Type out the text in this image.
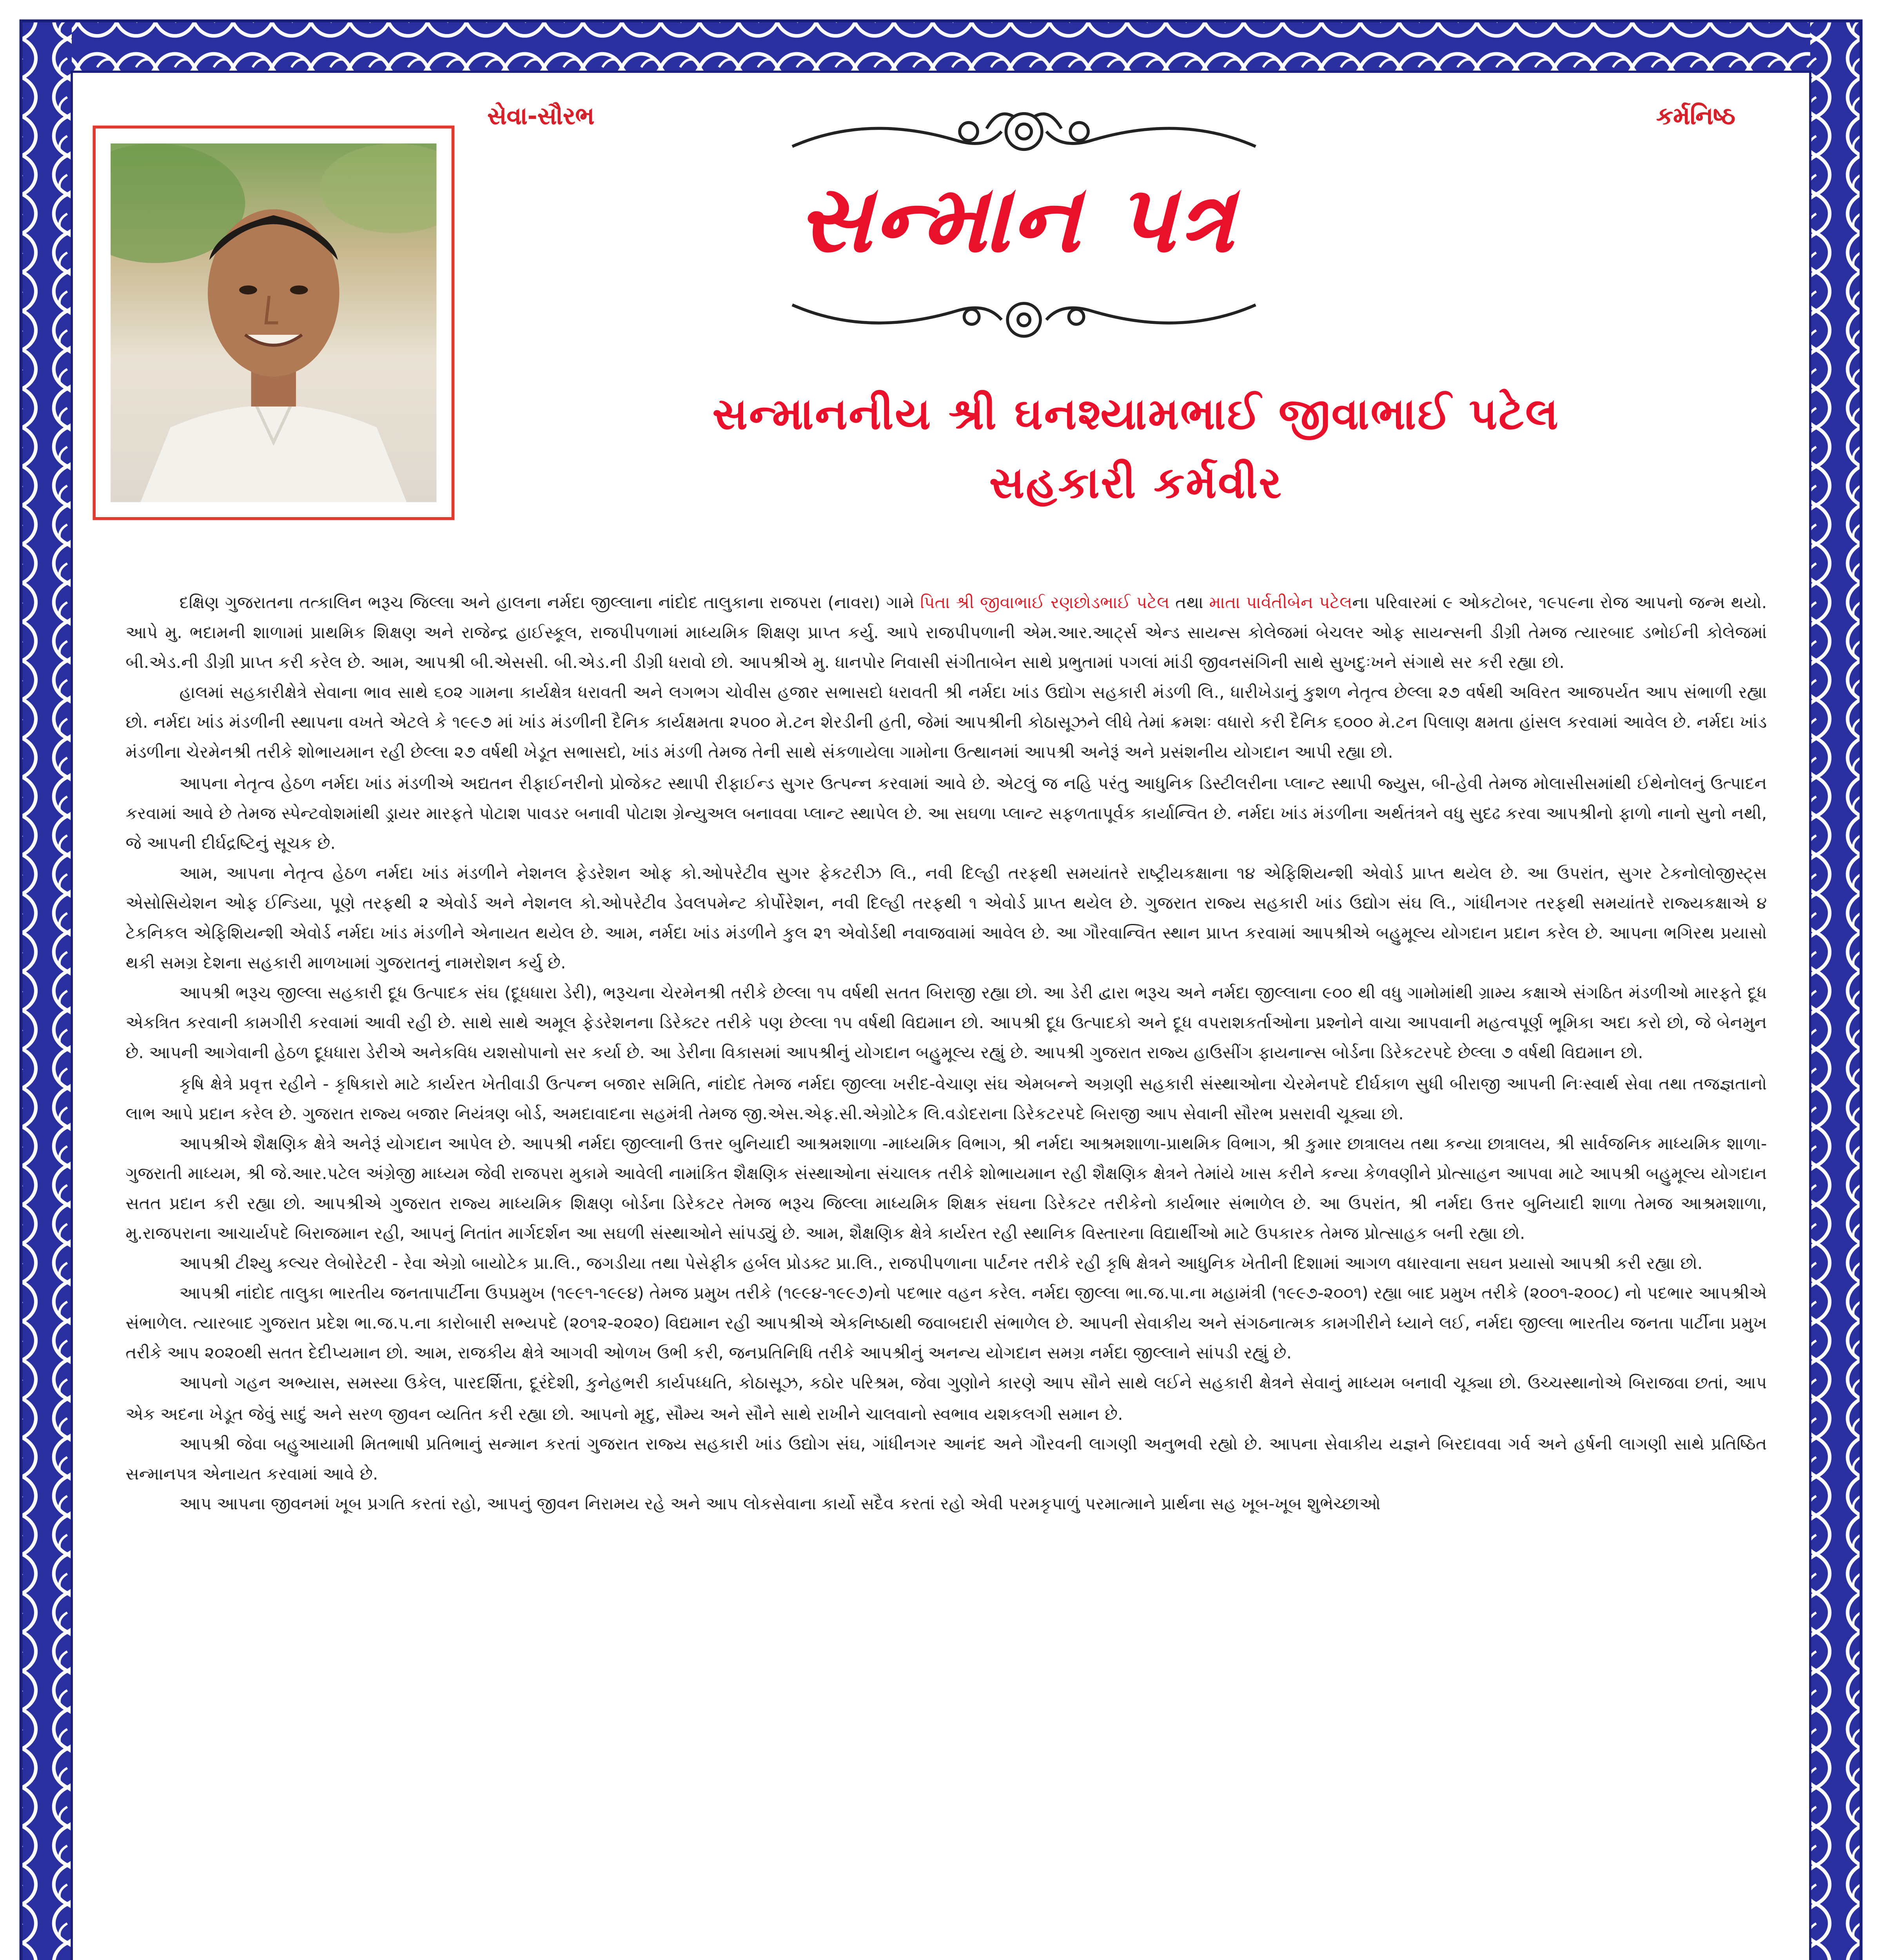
સેવા-સૌરભ	કર્મનિષ્ઠ
સન્માન પત્ર
સન્માનનીય શ્રી ઘનશ્યામભાઈ જીવાભાઈ પટેલ
સહકારી કર્મવીર

દક્ષિણ ગુજરાતના તત્કાલિન ભરૂચ જિલ્લા અને હાલના નર્મદા જીલ્લાના નાંદોદ તાલુકાના રાજપરા (નાવરા) ગામે પિતા શ્રી જીવાભાઈ રણછોડભાઈ પટેલ તથા માતા પાર્વતીબેન પટેલના પરિવારમાં ૯ ઓકટોબર, ૧૯૫૯ના રોજ આપનો જન્મ થયો. આપે મુ. ભદામની શાળામાં પ્રાથમિક શિક્ષણ અને રાજેન્દ્ર હાઈસ્કૂલ, રાજપીપળામાં માધ્યમિક શિક્ષણ પ્રાપ્ત કર્યુ. આપે રાજપીપળાની એમ.આર.આર્ટ્સ એન્ડ સાયન્સ કોલેજમાં બેચલર ઓફ સાયન્સની ડીગ્રી તેમજ ત્યારબાદ ડભોઈની કોલેજમાં બી.એડ.ની ડીગ્રી પ્રાપ્ત કરી કરેલ છે. આમ, આપશ્રી બી.એસસી. બી.એડ.ની ડીગ્રી ધરાવો છો. આપશ્રીએ મુ. ધાનપોર નિવાસી સંગીતાબેન સાથે પ્રભુતામાં પગલાં માંડી જીવનસંગિની સાથે સુખદુઃખને સંગાથે સર કરી રહ્યા છો.

હાલમાં સહકારીક્ષેત્રે સેવાના ભાવ સાથે ૬૦૨ ગામના કાર્યક્ષેત્ર ધરાવતી અને લગભગ ચોવીસ હજાર સભાસદો ધરાવતી શ્રી નર્મદા ખાંડ ઉદ્યોગ સહકારી મંડળી લિ., ધારીખેડાનું કુશળ નેતૃત્વ છેલ્લા ૨૭ વર્ષથી અવિરત આજપર્યત આપ સંભાળી રહ્યા છો. નર્મદા ખાંડ મંડળીની સ્થાપના વખતે એટલે કે ૧૯૯૭ માં ખાંડ મંડળીની દૈનિક કાર્યક્ષમતા ૨૫૦૦ મે.ટન શેરડીની હતી, જેમાં આપશ્રીની કોઠાસૂઝને લીધે તેમાં ક્રમશઃ વધારો કરી દૈનિક ૬૦૦૦ મે.ટન પિલાણ ક્ષમતા હાંસલ કરવામાં આવેલ છે. નર્મદા ખાંડ મંડળીના ચેરમેનશ્રી તરીકે શોભાયમાન રહી છેલ્લા ૨૭ વર્ષથી ખેડૂત સભાસદો, ખાંડ મંડળી તેમજ તેની સાથે સંકળાયેલા ગામોના ઉત્થાનમાં આપશ્રી અનેરૂં અને પ્રસંશનીય યોગદાન આપી રહ્યા છો.

આપના નેતૃત્વ હેઠળ નર્મદા ખાંડ મંડળીએ અદ્યતન રીફાઈનરીનો પ્રોજેકટ સ્થાપી રીફાઈન્ડ સુગર ઉત્પન્ન કરવામાં આવે છે. એટલું જ નહિ પરંતુ આધુનિક ડિસ્ટીલરીના પ્લાન્ટ સ્થાપી જ્યુસ, બી-હેવી તેમજ મોલાસીસમાંથી ઈથેનોલનું ઉત્પાદન કરવામાં આવે છે તેમજ સ્પેન્ટવોશમાંથી ડ્રાયર મારફતે પોટાશ પાવડર બનાવી પોટાશ ગ્રેન્યુઅલ બનાવવા પ્લાન્ટ સ્થાપેલ છે. આ સઘળા પ્લાન્ટ સફળતાપૂર્વક કાર્યાન્વિત છે. નર્મદા ખાંડ મંડળીના અર્થતંત્રને વધુ સુદઢ કરવા આપશ્રીનો ફાળો નાનો સુનો નથી, જે આપની દીર્ઘદ્રષ્ટિનું સૂચક છે.

આમ, આપના નેતૃત્વ હેઠળ નર્મદા ખાંડ મંડળીને નેશનલ ફેડરેશન ઓફ કો.ઓપરેટીવ સુગર ફેકટરીઝ લિ., નવી દિલ્હી તરફથી સમયાંતરે રાષ્ટ્રીયકક્ષાના ૧૪ એફિશિયન્શી એવોર્ડ પ્રાપ્ત થયેલ છે. આ ઉપરાંત, સુગર ટેકનોલોજીસ્ટ્સ એસોસિયેશન ઓફ ઈન્ડિયા, પૂણે તરફથી ૨ એવોર્ડ અને નેશનલ કો.ઓપરેટીવ ડેવલપમેન્ટ કોર્પોરેશન, નવી દિલ્હી તરફથી ૧ એવોર્ડ પ્રાપ્ત થયેલ છે. ગુજરાત રાજ્ય સહકારી ખાંડ ઉદ્યોગ સંઘ લિ., ગાંધીનગર તરફથી સમયાંતરે રાજ્યકક્ષાએ ૪ ટેકનિકલ એફિશિયન્શી એવોર્ડ નર્મદા ખાંડ મંડળીને એનાયત થયેલ છે. આમ, નર્મદા ખાંડ મંડળીને કુલ ૨૧ એવોર્ડથી નવાજવામાં આવેલ છે. આ ગૌરવાન્વિત સ્થાન પ્રાપ્ત કરવામાં આપશ્રીએ બહુમૂલ્ય યોગદાન પ્રદાન કરેલ છે. આપના ભગિરથ પ્રયાસો થકી સમગ્ર દેશના સહકારી માળખામાં ગુજરાતનું નામરોશન કર્યુ છે.

આપશ્રી ભરૂચ જીલ્લા સહકારી દૂધ ઉત્પાદક સંઘ (દૂધધારા ડેરી), ભરૂચના ચેરમેનશ્રી તરીકે છેલ્લા ૧૫ વર્ષથી સતત બિરાજી રહ્યા છો. આ ડેરી દ્વારા ભરૂચ અને નર્મદા જીલ્લાના ૯૦૦ થી વધુ ગામોમાંથી ગ્રામ્ય કક્ષાએ સંગઠિત મંડળીઓ મારફતે દૂધ એકત્રિત કરવાની કામગીરી કરવામાં આવી રહી છે. સાથે સાથે અમૂલ ફેડરેશનના ડિરેક્ટર તરીકે પણ છેલ્લા ૧૫ વર્ષથી વિદ્યમાન છો. આપશ્રી દૂધ ઉત્પાદકો અને દૂધ વપરાશકર્તાઓના પ્રશ્નોને વાચા આપવાની મહત્વપૂર્ણ ભૂમિકા અદા કરો છો, જે બેનમુન છે. આપની આગેવાની હેઠળ દૂધધારા ડેરીએ અનેકવિધ યશસોપાનો સર કર્યા છે. આ ડેરીના વિકાસમાં આપશ્રીનું યોગદાન બહુમૂલ્ય રહ્યું છે. આપશ્રી ગુજરાત રાજ્ય હાઉસીંગ ફાયનાન્સ બોર્ડના ડિરેકટરપદે છેલ્લા ૭ વર્ષથી વિદ્યમાન છો.

કૃષિ ક્ષેત્રે પ્રવૃત્ત રહીને - કૃષિકારો માટે કાર્યરત ખેતીવાડી ઉત્પન્ન બજાર સમિતિ, નાંદોદ તેમજ નર્મદા જીલ્લા ખરીદ-વેચાણ સંઘ એમબન્ને અગ્રણી સહકારી સંસ્થાઓના ચેરમેનપદે દીર્ઘકાળ સુધી બીરાજી આપની નિઃસ્વાર્થ સેવા તથા તજજ્ઞતાનો લાભ આપે પ્રદાન કરેલ છે. ગુજરાત રાજ્ય બજાર નિયંત્રણ બોર્ડ, અમદાવાદના સહમંત્રી તેમજ જી.એસ.એફ.સી.એગ્રોટેક લિ.વડોદરાના ડિરેકટરપદે બિરાજી આપ સેવાની સૌરભ પ્રસરાવી ચૂક્યા છો.

આપશ્રીએ શૈક્ષણિક ક્ષેત્રે અનેરૂં યોગદાન આપેલ છે. આપશ્રી નર્મદા જીલ્લાની ઉત્તર બુનિયાદી આશ્રમશાળા -માધ્યમિક વિભાગ, શ્રી નર્મદા આશ્રમશાળા-પ્રાથમિક વિભાગ, શ્રી કુમાર છાત્રાલય તથા કન્યા છાત્રાલય, શ્રી સાર્વજનિક માધ્યમિક શાળા-ગુજરાતી માધ્યમ, શ્રી જે.આર.પટેલ અંગ્રેજી માધ્યમ જેવી રાજપરા મુકામે આવેલી નામાંકિત શૈક્ષણિક સંસ્થાઓના સંચાલક તરીકે શોભાયમાન રહી શૈક્ષણિક ક્ષેત્રને તેમાંયે ખાસ કરીને કન્યા કેળવણીને પ્રોત્સાહન આપવા માટે આપશ્રી બહુમૂલ્ય યોગદાન સતત પ્રદાન કરી રહ્યા છો. આપશ્રીએ ગુજરાત રાજ્ય માધ્યમિક શિક્ષણ બોર્ડના ડિરેકટર તેમજ ભરૂચ જિલ્લા માધ્યમિક શિક્ષક સંઘના ડિરેકટર તરીકેનો કાર્યભાર સંભાળેલ છે. આ ઉપરાંત, શ્રી નર્મદા ઉત્તર બુનિયાદી શાળા તેમજ આશ્રમશાળા, મુ.રાજપરાના આચાર્યપદે બિરાજમાન રહી, આપનું નિતાંત માર્ગદર્શન આ સઘળી સંસ્થાઓને સાંપડ્યું છે. આમ, શૈક્ષણિક ક્ષેત્રે કાર્યરત રહી સ્થાનિક વિસ્તારના વિદ્યાર્થીઓ માટે ઉપકારક તેમજ પ્રોત્સાહક બની રહ્યા છો.

આપશ્રી ટીશ્યુ કલ્ચર લેબોરેટરી - રેવા એગ્રો બાયોટેક પ્રા.લિ., જગડીયા તથા પેસેફીક હર્બલ પ્રોડક્ટ પ્રા.લિ., રાજપીપળાના પાર્ટનર તરીકે રહી કૃષિ ક્ષેત્રને આધુનિક ખેતીની દિશામાં આગળ વધારવાના સઘન પ્રયાસો આપશ્રી કરી રહ્યા છો.

આપશ્રી નાંદોદ તાલુકા ભારતીય જનતાપાર્ટીના ઉપપ્રમુખ (૧૯૯૧-૧૯૯૪) તેમજ પ્રમુખ તરીકે (૧૯૯૪-૧૯૯૭)નો પદભાર વહન કરેલ. નર્મદા જીલ્લા ભા.જ.પા.ના મહામંત્રી (૧૯૯૭-૨૦૦૧) રહ્યા બાદ પ્રમુખ તરીકે (૨૦૦૧-૨૦૦૮) નો પદભાર આપશ્રીએ સંભાળેલ. ત્યારબાદ ગુજરાત પ્રદેશ ભા.જ.પ.ના કારોબારી સભ્યપદે (૨૦૧૨-૨૦૨૦) વિદ્યમાન રહી આપશ્રીએ એકનિષ્ઠાથી જવાબદારી સંભાળેલ છે. આપની સેવાકીય અને સંગઠનાત્મક કામગીરીને ધ્યાને લઈ, નર્મદા જીલ્લા ભારતીય જનતા પાર્ટીના પ્રમુખ તરીકે આપ ૨૦૨૦થી સતત દેદીપ્યમાન છો. આમ, રાજકીય ક્ષેત્રે આગવી ઓળખ ઉભી કરી, જનપ્રતિનિધિ તરીકે આપશ્રીનું અનન્ય યોગદાન સમગ્ર નર્મદા જીલ્લાને સાંપડી રહ્યું છે.

આપનો ગહન અભ્યાસ, સમસ્યા ઉકેલ, પારદર્શિતા, દૂરંદેશી, કુનેહભરી કાર્યપધ્ધતિ, કોઠાસૂઝ, કઠોર પરિશ્રમ, જેવા ગુણોને કારણે આપ સૌને સાથે લઈને સહકારી ક્ષેત્રને સેવાનું માધ્યમ બનાવી ચૂક્યા છો. ઉચ્ચસ્થાનોએ બિરાજવા છતાં, આપ એક અદના ખેડૂત જેવું સાદું અને સરળ જીવન વ્યતિત કરી રહ્યા છો. આપનો મૃદુ, સૌમ્ય અને સૌને સાથે રાખીને ચાલવાનો સ્વભાવ યશકલગી સમાન છે.

આપશ્રી જેવા બહુઆયામી મિતભાષી પ્રતિભાનું સન્માન કરતાં ગુજરાત રાજ્ય સહકારી ખાંડ ઉદ્યોગ સંઘ, ગાંધીનગર આનંદ અને ગૌરવની લાગણી અનુભવી રહ્યો છે. આપના સેવાકીય યજ્ઞને બિરદાવવા ગર્વ અને હર્ષની લાગણી સાથે પ્રતિષ્ઠિત સન્માનપત્ર એનાયત કરવામાં આવે છે.

આપ આપના જીવનમાં ખૂબ પ્રગતિ કરતાં રહો, આપનું જીવન નિરામય રહે અને આપ લોકસેવાના કાર્યો સદૈવ કરતાં રહો એવી પરમકૃપાળું પરમાત્માને પ્રાર્થના સહ ખૂબ-ખૂબ શુભેચ્છાઓ
